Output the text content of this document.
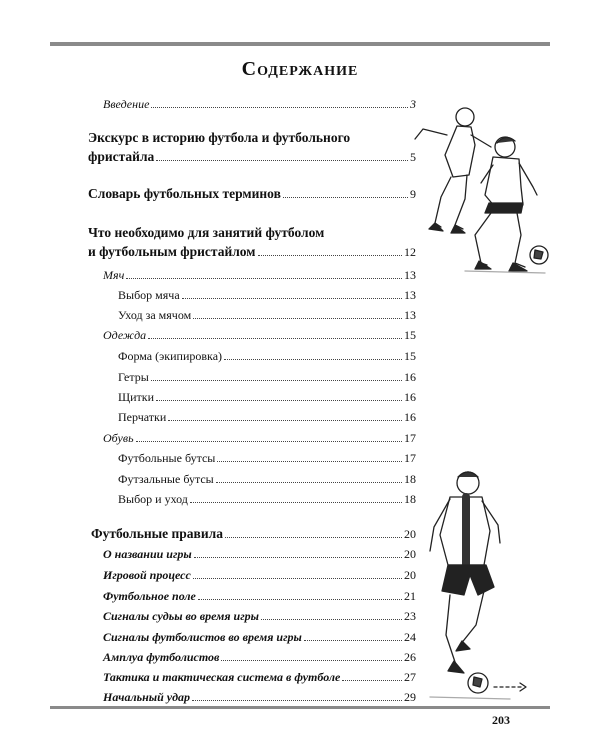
Содержание
Введение	3
Экскурс в историю футбола и футбольного
фристайла	5
Словарь футбольных терминов	9
Что необходимо для занятий футболом
и футбольным фристайлом	12
Мяч	13
Выбор мяча	13
Уход за мячом	13
Одежда	15
Форма (экипировка)	15
Гетры	16
Щитки	16
Перчатки	16
Обувь	17
Футбольные бутсы	17
Футзальные бутсы	18
Выбор и уход	18
Футбольные правила	20
О названии игры	20
Игровой процесс	20
Футбольное поле	21
Сигналы судьы во время игры	23
Сигналы футболистов во время игры	24
Амплуа футболистов	26
Тактика и тактическая система в футболе	27
Начальный удар	29
203
